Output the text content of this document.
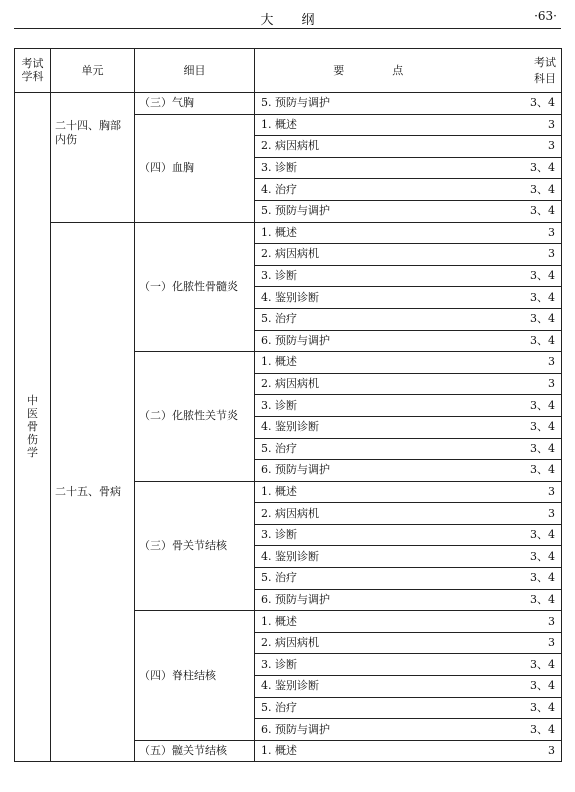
大纲	·63·
考试学科	单元	细目	要点	考试科目
中医骨伤学	二十四、胸部内伤	（三）气胸	5. 预防与调护	3、4
		（四）血胸	1. 概述	3
			2. 病因病机	3
			3. 诊断	3、4
			4. 治疗	3、4
			5. 预防与调护	3、4

	二十五、骨病	（一）化脓性骨髓炎	1. 概述	3
			2. 病因病机	3
			3. 诊断	3、4
			4. 鉴别诊断	3、4
			5. 治疗	3、4
			6. 预防与调护	3、4
		（二）化脓性关节炎	1. 概述	3
			2. 病因病机	3
			3. 诊断	3、4
			4. 鉴别诊断	3、4
			5. 治疗	3、4
			6. 预防与调护	3、4
		（三）骨关节结核	1. 概述	3
			2. 病因病机	3
			3. 诊断	3、4
			4. 鉴别诊断	3、4
			5. 治疗	3、4
			6. 预防与调护	3、4
		（四）脊柱结核	1. 概述	3
			2. 病因病机	3
			3. 诊断	3、4
			4. 鉴别诊断	3、4
			5. 治疗	3、4
			6. 预防与调护	3、4
		（五）髋关节结核	1. 概述	3
